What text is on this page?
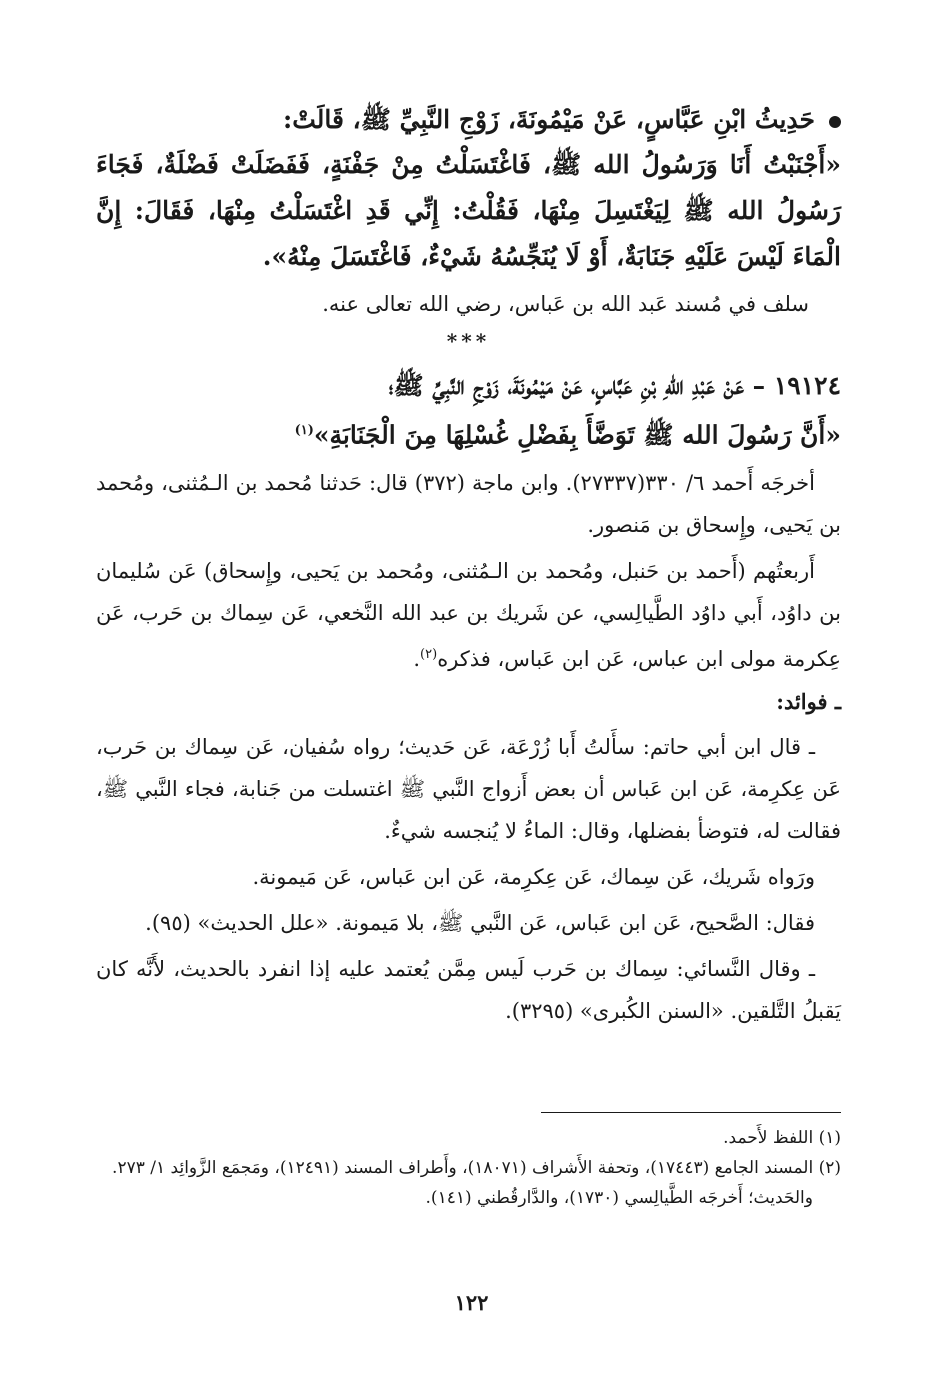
حَدِيثُ ابْنِ عَبَّاسٍ، عَنْ مَيْمُونَةَ، زَوْجِ النَّبِيِّ ﷺ، قَالَتْ:
«أَجْنَبْتُ أَنَا وَرَسُولُ الله ﷺ، فَاغْتَسَلْتُ مِنْ جَفْنَةٍ، فَفَضَلَتْ فَضْلَةٌ، فَجَاءَ رَسُولُ الله ﷺ لِيَغْتَسِلَ مِنْهَا، فَقُلْتُ: إِنِّي قَدِ اغْتَسَلْتُ مِنْهَا، فَقَالَ: إِنَّ الْمَاءَ لَيْسَ عَلَيْهِ جَنَابَةٌ، أَوْ لَا يُنَجِّسُهُ شَيْءٌ، فَاغْتَسَلَ مِنْهُ».
سلف في مُسند عَبد الله بن عَباس، رضي الله تعالى عنه.
***
١٩١٢٤ – عَنْ عَبْدِ اللهِ بْنِ عَبَّاسٍ، عَنْ مَيْمُونَةَ، زَوْجِ النَّبِيِّ ﷺ؛
«أَنَّ رَسُولَ الله ﷺ تَوَضَّأَ بِفَضْلِ غُسْلِهَا مِنَ الْجَنَابَةِ»$^{(١)}$
أخرجَه أَحمد ٦/ ٣٣٠(٢٧٣٣٧). وابن ماجة (٣٧٢) قال: حَدثنا مُحمد بن الـمُثنى، ومُحمد بن يَحيى، وإِسحاق بن مَنصور.
أَربعتُهم (أَحمد بن حَنبل، ومُحمد بن الـمُثنى، ومُحمد بن يَحيى، وإِسحاق) عَن سُليمان بن داوُد، أَبي داوُد الطَّيالِسي، عن شَريك بن عبد الله النَّخعي، عَن سِماك بن حَرب، عَن عِكرمة مولى ابن عباس، عَن ابن عَباس، فذكره$^{(٢)}$.
ـ فوائد:
ـ قال ابن أبي حاتم: سأَلتُ أَبا زُرْعَة، عَن حَديث؛ رواه سُفيان، عَن سِماك بن حَرب، عَن عِكرِمة، عَن ابن عَباس أن بعض أَزواج النَّبي ﷺ اغتسلت من جَنابة، فجاء النَّبي ﷺ، فقالت له، فتوضأ بفضلها، وقال: الماءُ لا يُنجسه شيءٌ.
ورَواه شَريك، عَن سِماك، عَن عِكرِمة، عَن ابن عَباس، عَن مَيمونة.
فقال: الصَّحيح، عَن ابن عَباس، عَن النَّبي ﷺ، بلا مَيمونة. «علل الحديث» (٩٥).
ـ وقال النَّسائي: سِماك بن حَرب لَيس مِمَّن يُعتمد عليه إذا انفرد بالحديث، لأَنَّه كان يَقبلُ التَّلقين. «السنن الكُبرى» (٣٢٩٥).
(١) اللفظ لأَحمد.
(٢) المسند الجامع (١٧٤٤٣)، وتحفة الأَشراف (١٨٠٧١)، وأَطراف المسند (١٢٤٩١)، ومَجمَع الزَّوائِد ١/ ٢٧٣.
والحَديث؛ أَخرجَه الطَّيالِسي (١٧٣٠)، والدَّارقُطني (١٤١).
١٢٢
